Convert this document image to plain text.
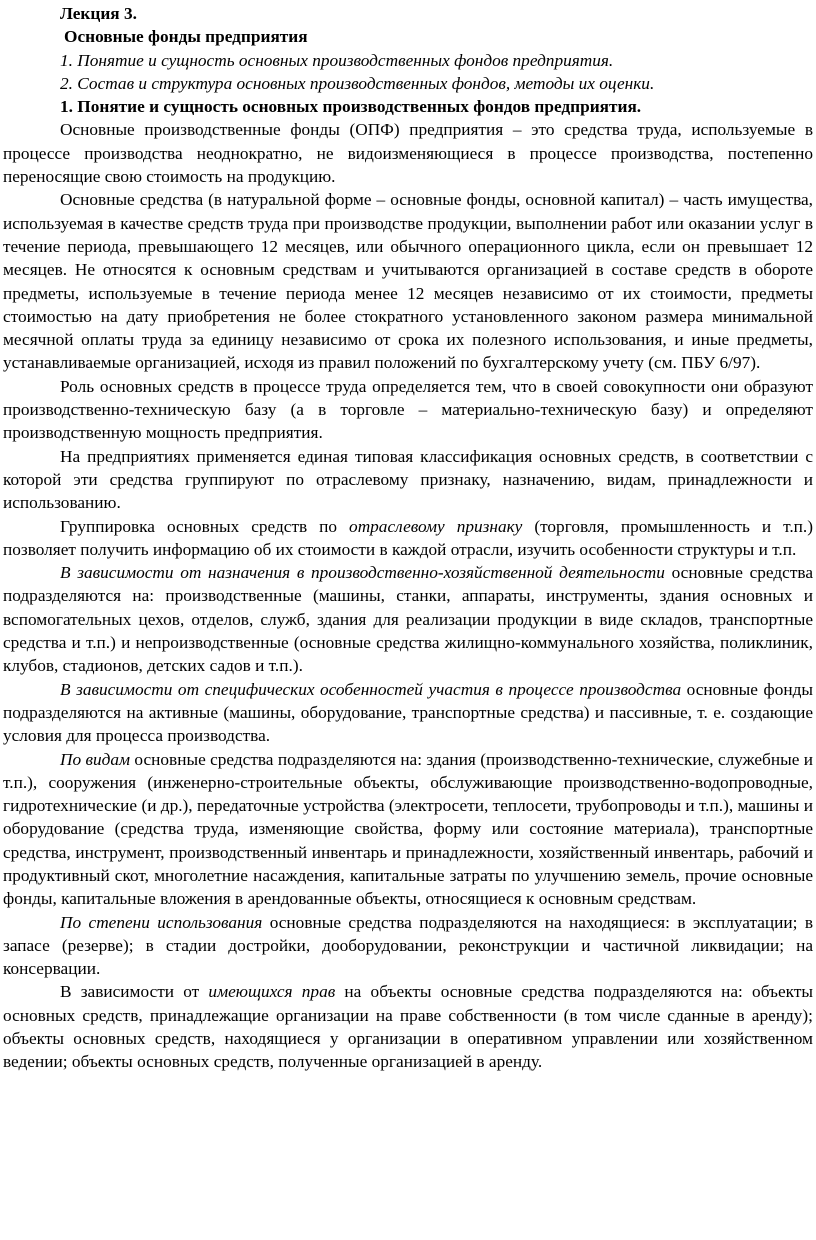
Лекция 3.
Основные фонды предприятия
1. Понятие и сущность основных производственных фондов предприятия.
2. Состав и структура основных производственных фондов, методы их оценки.
1. Понятие и сущность основных производственных фондов предприятия.

Основные производственные фонды (ОПФ) предприятия – это средства труда, используемые в процессе производства неоднократно, не видоизменяющиеся в процессе производства, постепенно переносящие свою стоимость на продукцию.

Основные средства (в натуральной форме – основные фонды, основной капитал) – часть имущества, используемая в качестве средств труда при производстве продукции, выполнении работ или оказании услуг в течение периода, превышающего 12 месяцев, или обычного операционного цикла, если он превышает 12 месяцев. Не относятся к основным средствам и учитываются организацией в составе средств в обороте предметы, используемые в течение периода менее 12 месяцев независимо от их стоимости, предметы стоимостью на дату приобретения не более стократного установленного законом размера минимальной месячной оплаты труда за единицу независимо от срока их полезного использования, и иные предметы, устанавливаемые организацией, исходя из правил положений по бухгалтерскому учету (см. ПБУ 6/97).

Роль основных средств в процессе труда определяется тем, что в своей совокупности они образуют производственно-техническую базу (а в торговле – материально-техническую базу) и определяют производственную мощность предприятия.

На предприятиях применяется единая типовая классификация основных средств, в соответствии с которой эти средства группируют по отраслевому признаку, назначению, видам, принадлежности и использованию.

Группировка основных средств по отраслевому признаку (торговля, промышленность и т.п.) позволяет получить информацию об их стоимости в каждой отрасли, изучить особенности структуры и т.п.

В зависимости от назначения в производственно-хозяйственной деятельности основные средства подразделяются на: производственные (машины, станки, аппараты, инструменты, здания основных и вспомогательных цехов, отделов, служб, здания для реализации продукции в виде складов, транспортные средства и т.п.) и непроизводственные (основные средства жилищно-коммунального хозяйства, поликлиник, клубов, стадионов, детских садов и т.п.).

В зависимости от специфических особенностей участия в процессе производства основные фонды подразделяются на активные (машины, оборудование, транспортные средства) и пассивные, т. е. создающие условия для процесса производства.

По видам основные средства подразделяются на: здания (производственно-технические, служебные и т.п.), сооружения (инженерно-строительные объекты, обслуживающие производственно-водопроводные, гидротехнические (и др.), передаточные устройства (электросети, теплосети, трубопроводы и т.п.), машины и оборудование (средства труда, изменяющие свойства, форму или состояние материала), транспортные средства, инструмент, производственный инвентарь и принадлежности, хозяйственный инвентарь, рабочий и продуктивный скот, многолетние насаждения, капитальные затраты по улучшению земель, прочие основные фонды, капитальные вложения в арендованные объекты, относящиеся к основным средствам.

По степени использования основные средства подразделяются на находящиеся: в эксплуатации; в запасе (резерве); в стадии достройки, дооборудовании, реконструкции и частичной ликвидации; на консервации.

В зависимости от имеющихся прав на объекты основные средства подразделяются на: объекты основных средств, принадлежащие организации на праве собственности (в том числе сданные в аренду); объекты основных средств, находящиеся у организации в оперативном управлении или хозяйственном ведении; объекты основных средств, полученные организацией в аренду.
